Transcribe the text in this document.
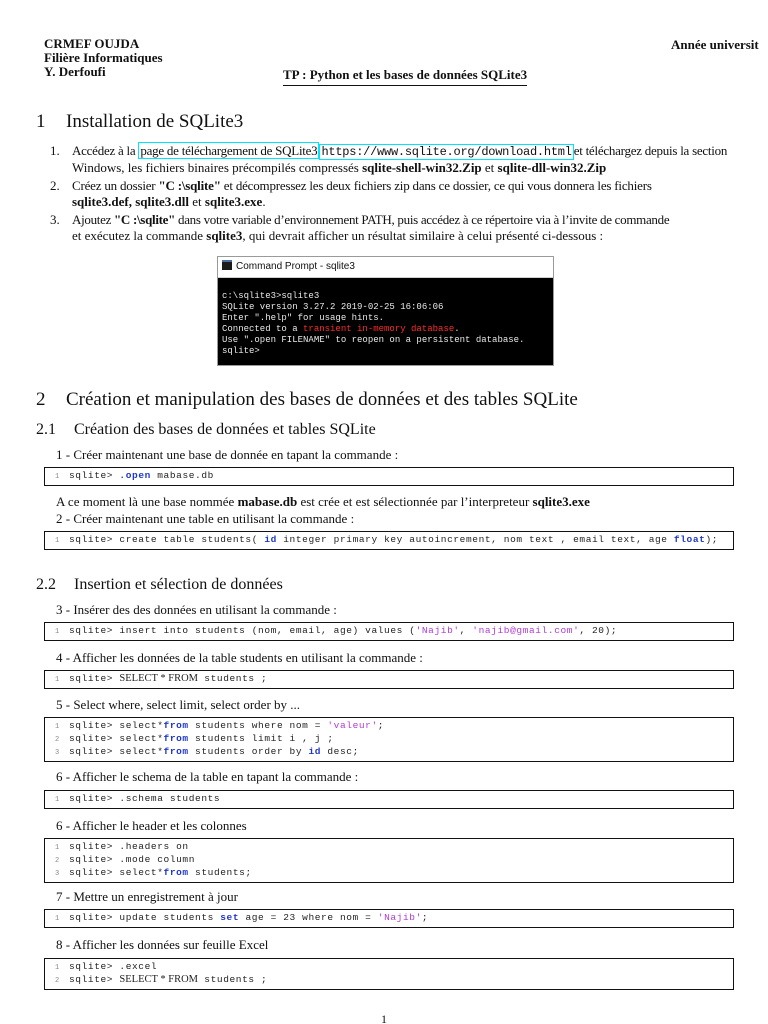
CRMEF OUJDA
Filière Informatiques
Y. Derfoufi
Année universit
TP : Python et les bases de données SQLite3
1 Installation de SQLite3
1. Accédez à la page de téléchargement de SQLite3 https://www.sqlite.org/download.html et téléchargez depuis la section
Windows, les fichiers binaires précompilés compressés sqlite-shell-win32.Zip et sqlite-dll-win32.Zip
2. Créez un dossier "C :\sqlite" et décompressez les deux fichiers zip dans ce dossier, ce qui vous donnera les fichiers
sqlite3.def, sqlite3.dll et sqlite3.exe.
3. Ajoutez "C :\sqlite" dans votre variable d’environnement PATH, puis accédez à ce répertoire via à l’invite de commande
et exécutez la commande sqlite3, qui devrait afficher un résultat similaire à celui présenté ci-dessous :
Command Prompt - sqlite3
c:\sqlite3>sqlite3
SQLite version 3.27.2 2019-02-25 16:06:06
Enter ".help" for usage hints.
Connected to a transient in-memory database.
Use ".open FILENAME" to reopen on a persistent database.
sqlite>
2 Création et manipulation des bases de données et des tables SQLite
2.1 Création des bases de données et tables SQLite
1 - Créer maintenant une base de donnée en tapant la commande :
1 sqlite> .open mabase.db
A ce moment là une base nommée mabase.db est crée et est sélectionnée par l’interpreteur sqlite3.exe
2 - Créer maintenant une table en utilisant la commande :
1 sqlite> create table students( id integer primary key autoincrement, nom text , email text, age float);
2.2 Insertion et sélection de données
3 - Insérer des des données en utilisant la commande :
1 sqlite> insert into students (nom, email, age) values ('Najib', 'najib@gmail.com', 20);
4 - Afficher les données de la table students en utilisant la commande :
1 sqlite> SELECT * FROM students ;
5 - Select where, select limit, select order by ...
1 sqlite> select*from students where nom = 'valeur';
2 sqlite> select*from students limit i , j ;
3 sqlite> select*from students order by id desc;
6 - Afficher le schema de la table en tapant la commande :
1 sqlite> .schema students
6 - Afficher le header et les colonnes
1 sqlite> .headers on
2 sqlite> .mode column
3 sqlite> select*from students;
7 - Mettre un enregistrement à jour
1 sqlite> update students set age = 23 where nom = 'Najib';
8 - Afficher les données sur feuille Excel
1 sqlite> .excel
2 sqlite> SELECT * FROM students ;
1
